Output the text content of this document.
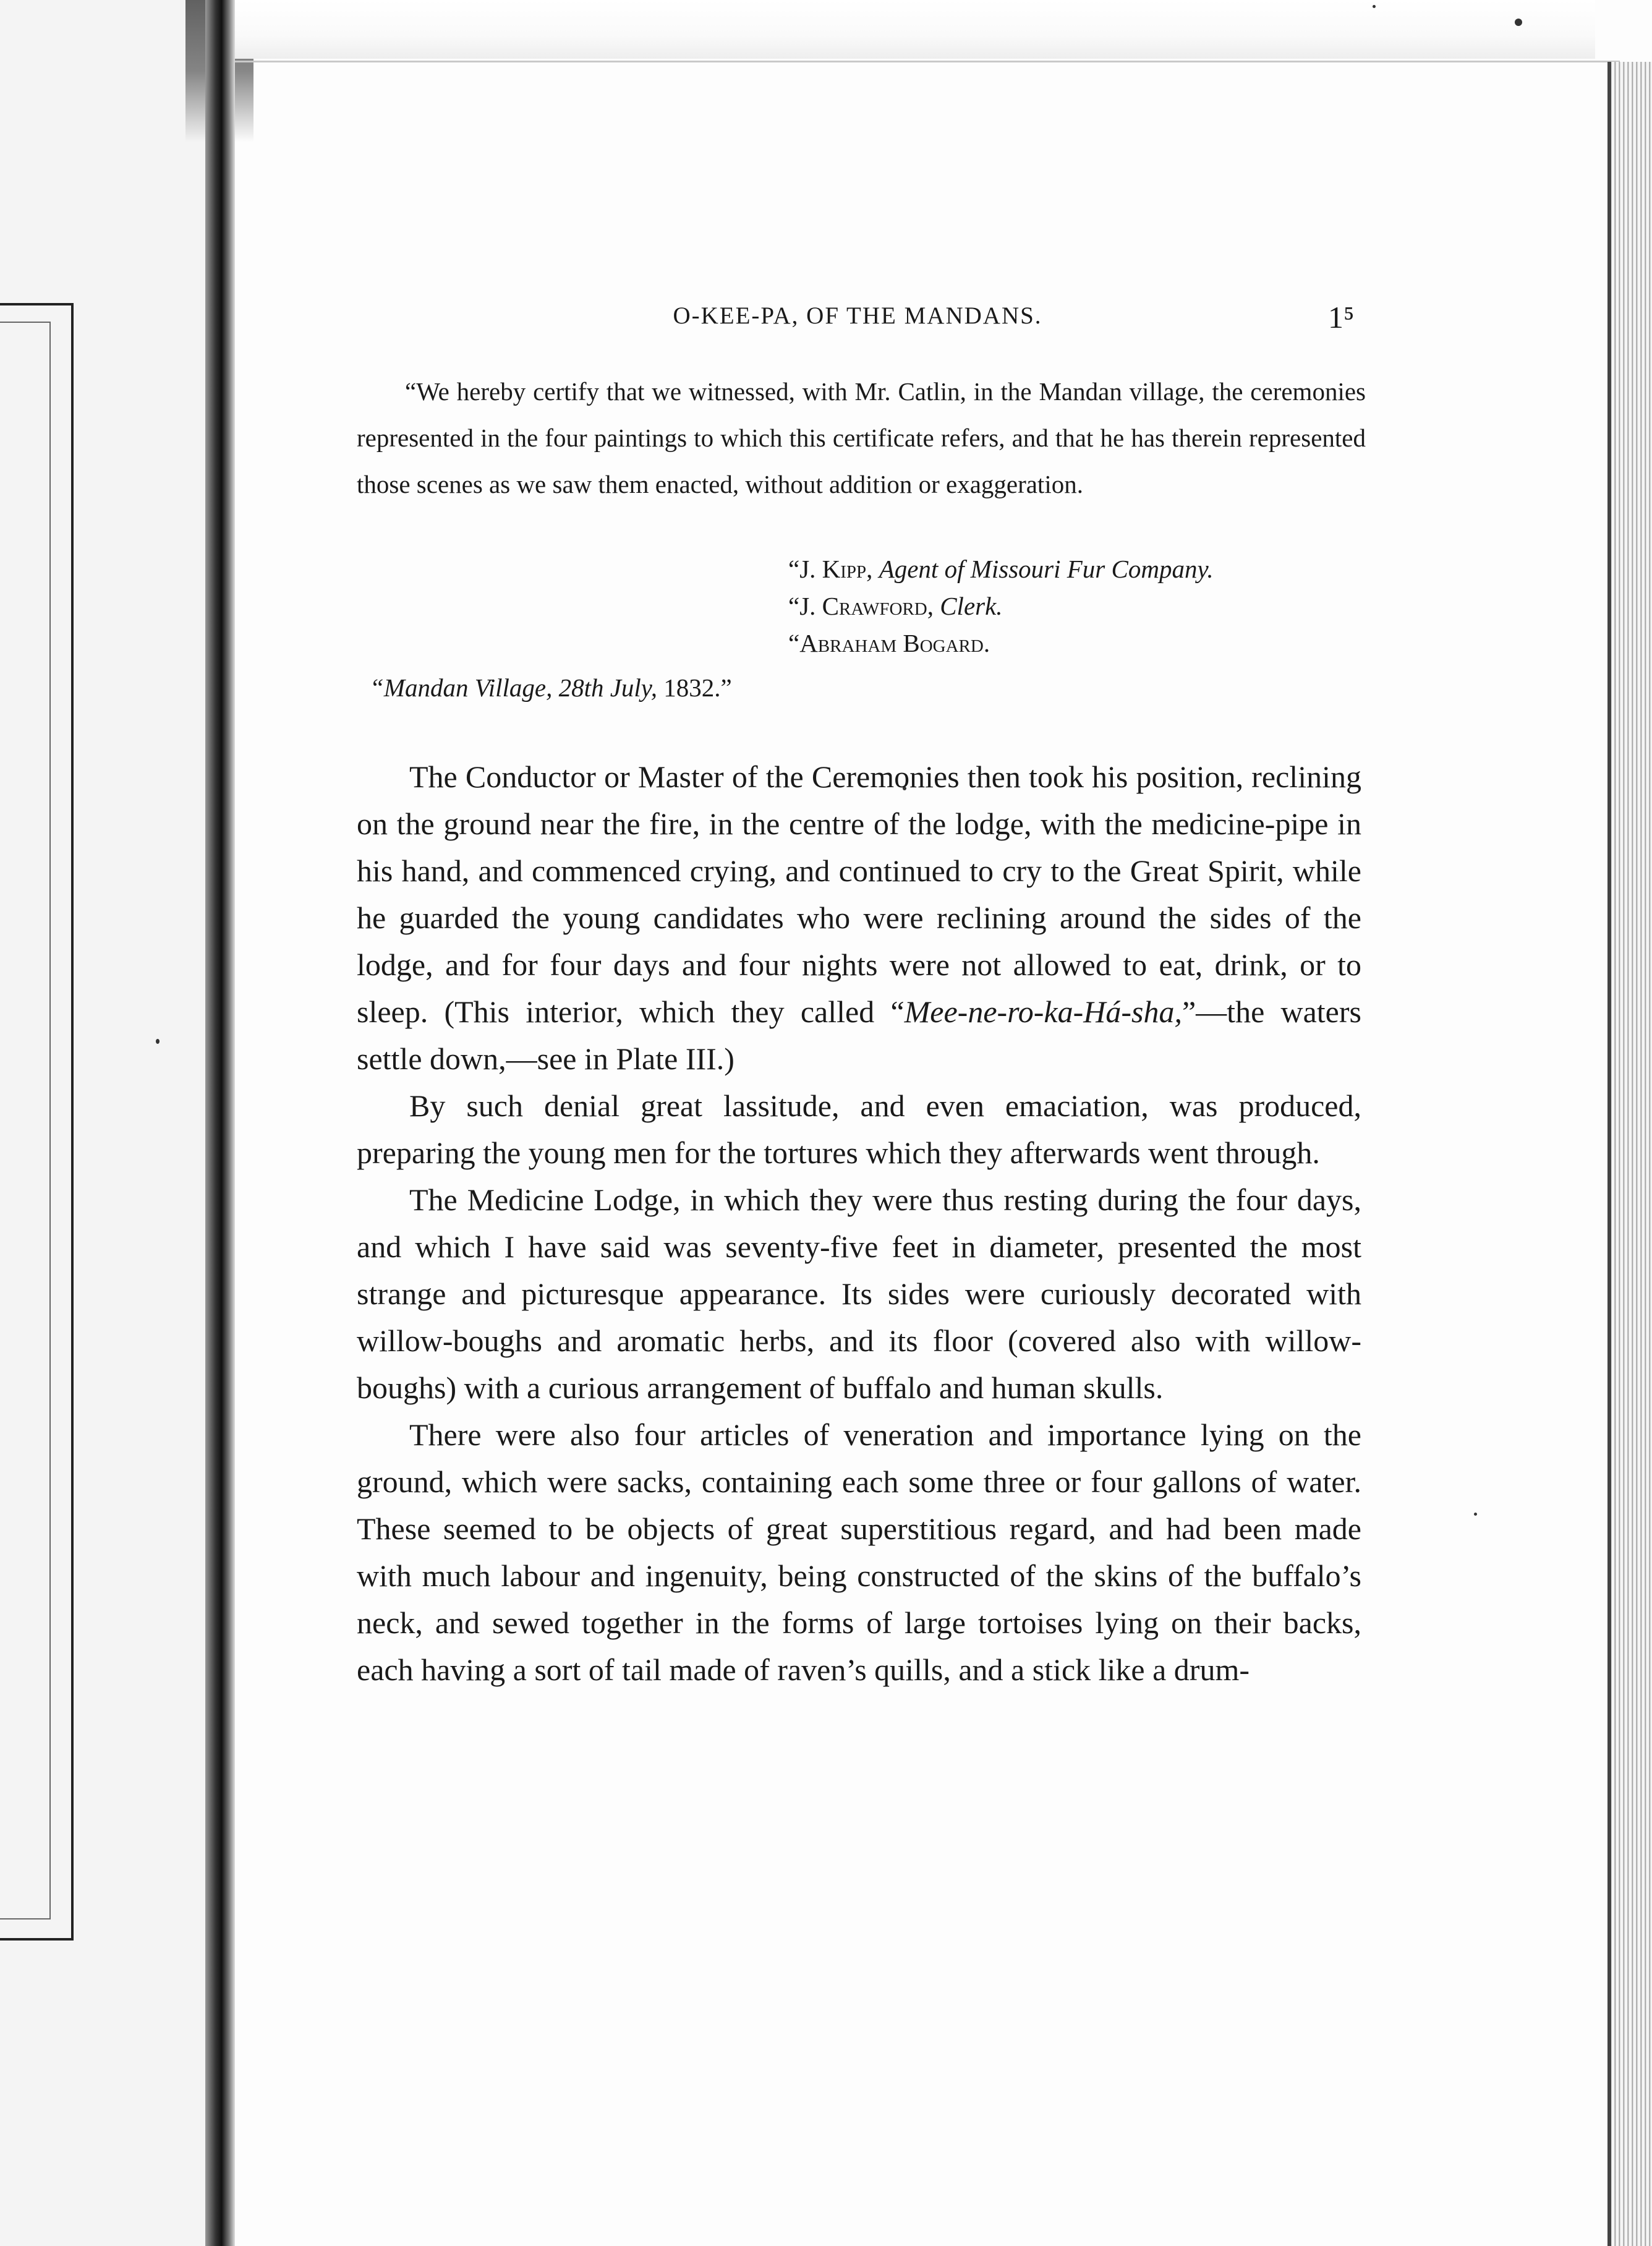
O-KEE-PA, OF THE MANDANS.	1⁵

“We hereby certify that we witnessed, with Mr. Catlin, in the Mandan village, the ceremonies represented in the four paintings to which this certificate refers, and that he has therein represented those scenes as we saw them enacted, without addition or exaggeration.

“J. Kipp, Agent of Missouri Fur Company.
“J. Crawford, Clerk.
“Abraham Bogard.
“Mandan Village, 28th July, 1832.”

The Conductor or Master of the Ceremonies then took his position, reclining on the ground near the fire, in the centre of the lodge, with the medicine-pipe in his hand, and commenced crying, and continued to cry to the Great Spirit, while he guarded the young candidates who were reclining around the sides of the lodge, and for four days and four nights were not allowed to eat, drink, or to sleep. (This interior, which they called “Mee-ne-ro-ka-Há-sha,”—the waters settle down,—see in Plate III.)

By such denial great lassitude, and even emaciation, was produced, preparing the young men for the tortures which they afterwards went through.

The Medicine Lodge, in which they were thus resting during the four days, and which I have said was seventy-five feet in diameter, presented the most strange and picturesque appearance. Its sides were curiously decorated with willow-boughs and aromatic herbs, and its floor (covered also with willow-boughs) with a curious arrangement of buffalo and human skulls.

There were also four articles of veneration and importance lying on the ground, which were sacks, containing each some three or four gallons of water. These seemed to be objects of great superstitious regard, and had been made with much labour and ingenuity, being constructed of the skins of the buffalo’s neck, and sewed together in the forms of large tortoises lying on their backs, each having a sort of tail made of raven’s quills, and a stick like a drum-
